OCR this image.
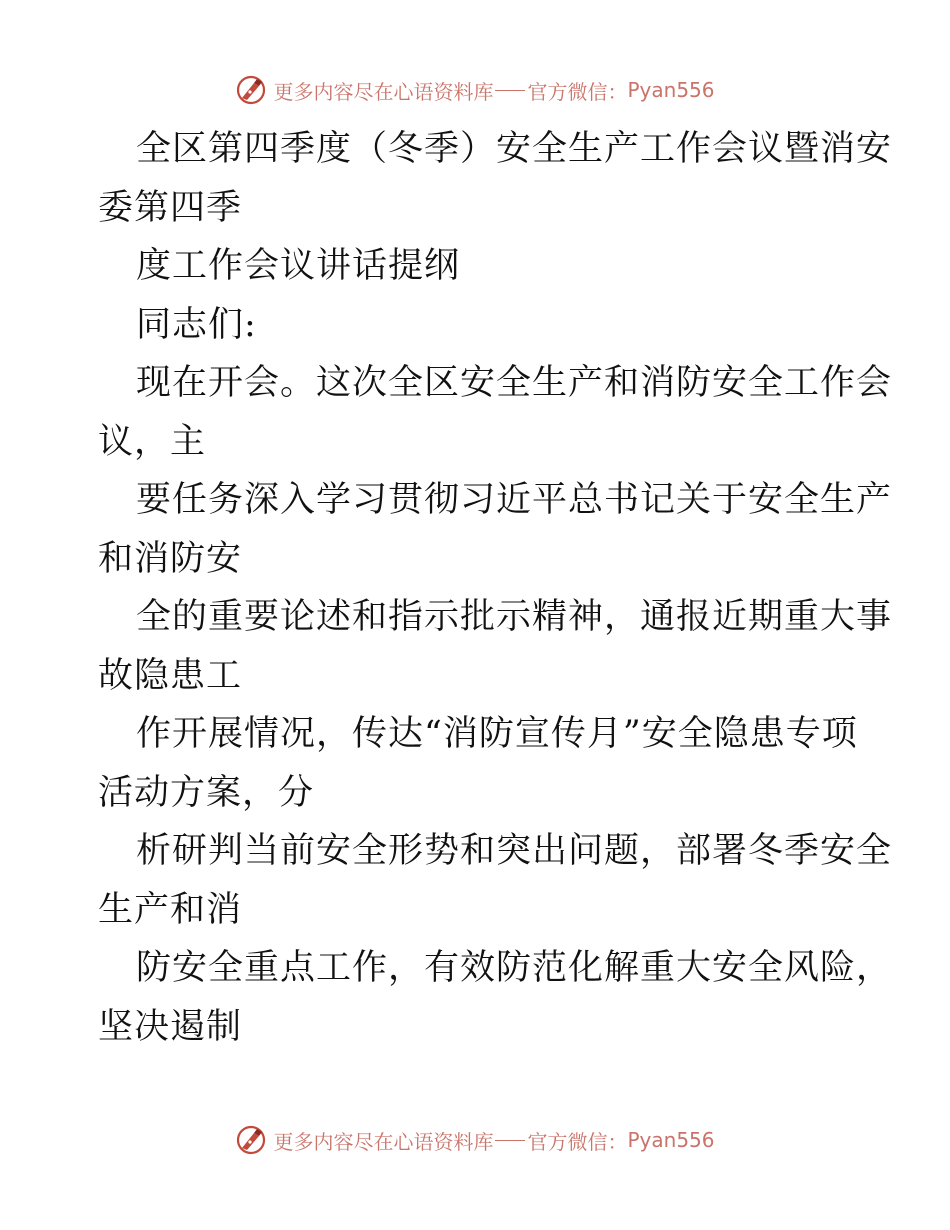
更多内容尽在心语资料库 官方微信： Pyan556
全区第四季度（冬季）安全生产工作会议暨消安
委第四季
度工作会议讲话提纲
同志们:
现在开会。这次全区安全生产和消防安全工作会
议，主
要任务深入学习贯彻习近平总书记关于安全生产
和消防安
全的重要论述和指示批示精神，通报近期重大事
故隐患工
作开展情况，传达“消防宣传月”安全隐患专项
活动方案，分
析研判当前安全形势和突出问题，部署冬季安全
生产和消
防安全重点工作，有效防范化解重大安全风险，
坚决遏制
更多内容尽在心语资料库 官方微信： Pyan556
